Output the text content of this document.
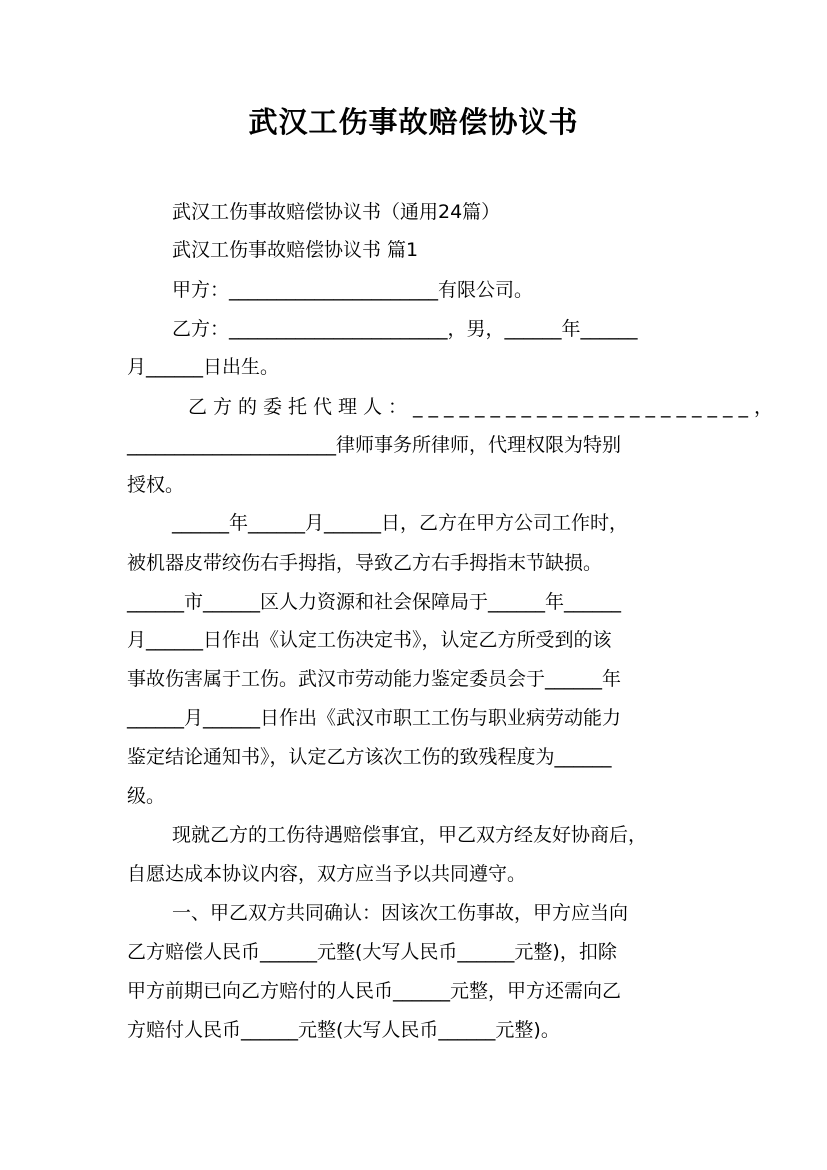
武汉工伤事故赔偿协议书
武汉工伤事故赔偿协议书（通用24篇）
武汉工伤事故赔偿协议书 篇1
甲方：______________________有限公司。
乙方：_______________________，男，______年______
月______日出生。
乙方的委托代理人：______________________，
______________________律师事务所律师，代理权限为特别
授权。
______年______月______日，乙方在甲方公司工作时，
被机器皮带绞伤右手拇指，导致乙方右手拇指末节缺损。
______市______区人力资源和社会保障局于______年______
月______日作出《认定工伤决定书》，认定乙方所受到的该
事故伤害属于工伤。武汉市劳动能力鉴定委员会于______年
______月______日作出《武汉市职工工伤与职业病劳动能力
鉴定结论通知书》，认定乙方该次工伤的致残程度为______
级。
现就乙方的工伤待遇赔偿事宜，甲乙双方经友好协商后，
自愿达成本协议内容，双方应当予以共同遵守。
一、甲乙双方共同确认：因该次工伤事故，甲方应当向
乙方赔偿人民币______元整(大写人民币______元整)，扣除
甲方前期已向乙方赔付的人民币______元整，甲方还需向乙
方赔付人民币______元整(大写人民币______元整)。
